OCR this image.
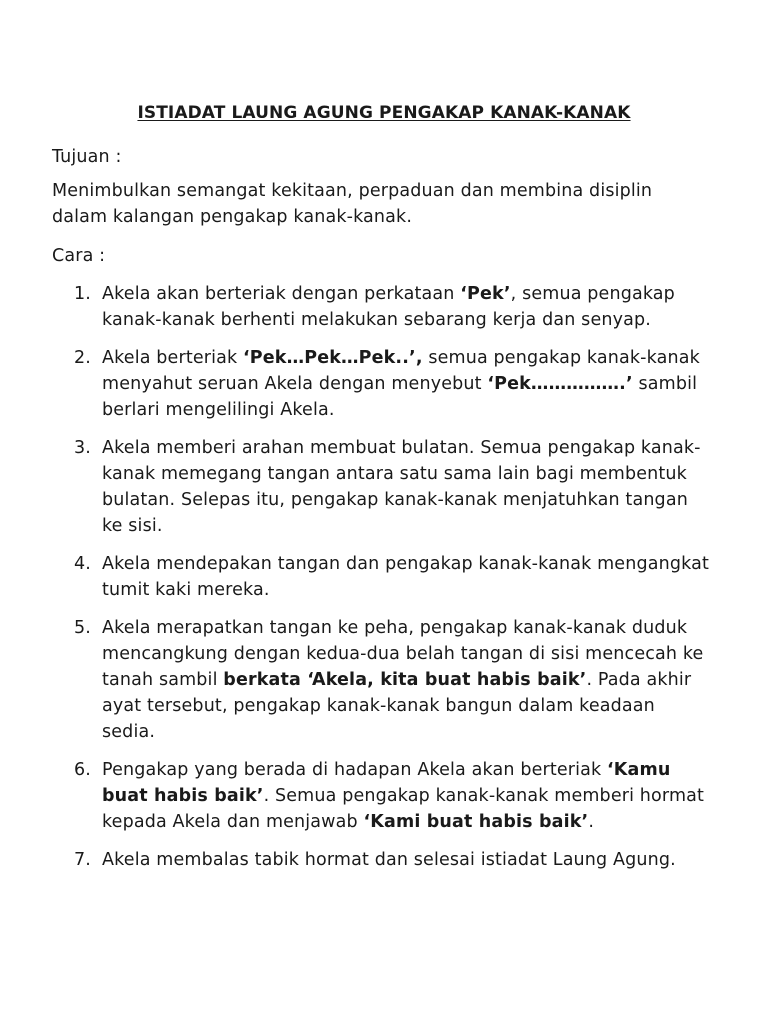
ISTIADAT LAUNG AGUNG PENGAKAP KANAK-KANAK
Tujuan :
Menimbulkan semangat kekitaan, perpaduan dan membina disiplin dalam kalangan pengakap kanak-kanak.
Cara :
1. Akela akan berteriak dengan perkataan ‘Pek’, semua pengakap kanak-kanak berhenti melakukan sebarang kerja dan senyap.
2. Akela berteriak ‘Pek…Pek…Pek..’, semua pengakap kanak-kanak menyahut seruan Akela dengan menyebut ‘Pek…………….’ sambil berlari mengelilingi Akela.
3. Akela memberi arahan membuat bulatan. Semua pengakap kanak-kanak memegang tangan antara satu sama lain bagi membentuk bulatan. Selepas itu, pengakap kanak-kanak menjatuhkan tangan ke sisi.
4. Akela mendepakan tangan dan pengakap kanak-kanak mengangkat tumit kaki mereka.
5. Akela merapatkan tangan ke peha, pengakap kanak-kanak duduk mencangkung dengan kedua-dua belah tangan di sisi mencecah ke tanah sambil berkata ‘Akela, kita buat habis baik’. Pada akhir ayat tersebut, pengakap kanak-kanak bangun dalam keadaan sedia.
6. Pengakap yang berada di hadapan Akela akan berteriak ‘Kamu buat habis baik’. Semua pengakap kanak-kanak memberi hormat kepada Akela dan menjawab ‘Kami buat habis baik’.
7. Akela membalas tabik hormat dan selesai istiadat Laung Agung.
